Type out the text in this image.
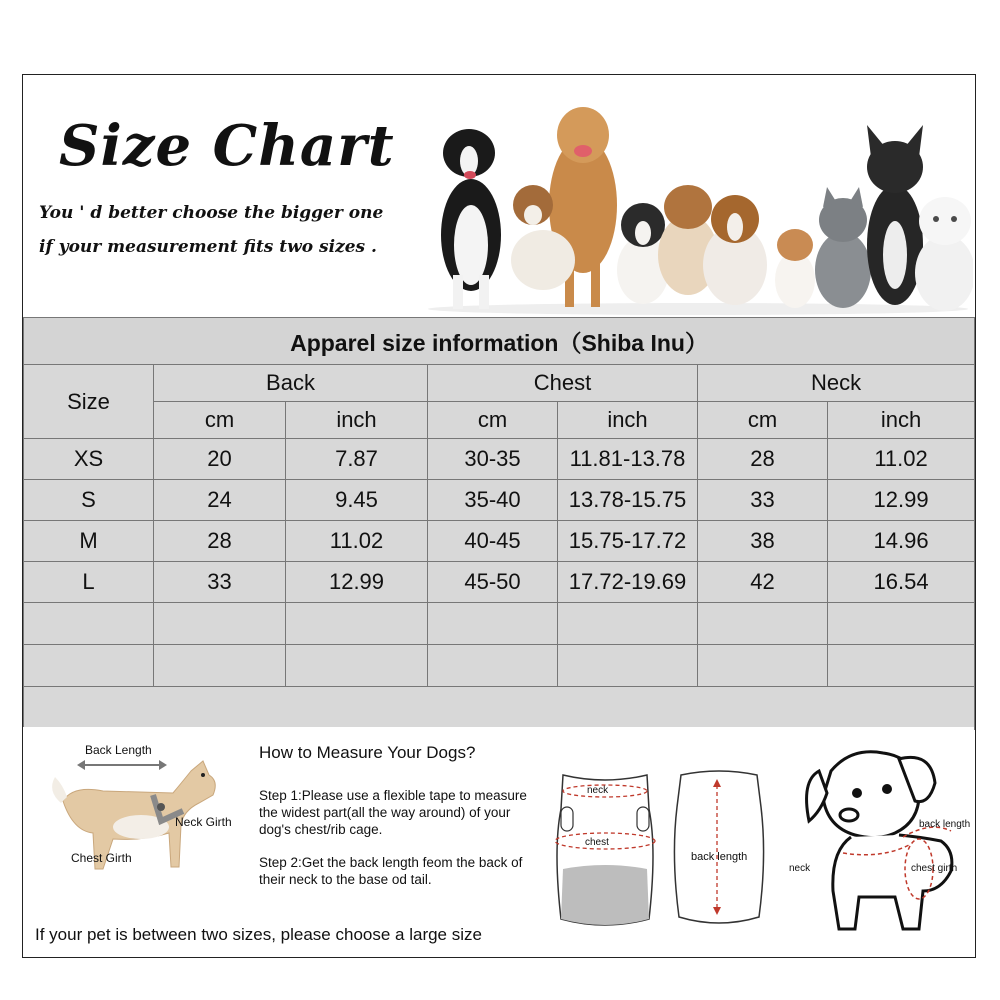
Size Chart
You ' d better choose the bigger one
if your measurement fits two sizes .
Apparel size information（Shiba Inu）						
Size	Back		Chest		Neck	
	cm	inch	cm	inch	cm	inch
XS	20	7.87	30-35	11.81-13.78	28	11.02
S	24	9.45	35-40	13.78-15.75	33	12.99
M	28	11.02	40-45	15.75-17.72	38	14.96
L	33	12.99	45-50	17.72-19.69	42	16.54

Back Length
Neck Girth
Chest Girth
How to Measure Your Dogs?
Step 1:Please use a flexible tape to measure the widest part(all the way around) of your dog's chest/rib cage.
Step 2:Get the back length feom the back of their neck to the base od tail.
neck
chest
back length
back length
neck	chest girth
If your pet is between two sizes, please choose a large size
